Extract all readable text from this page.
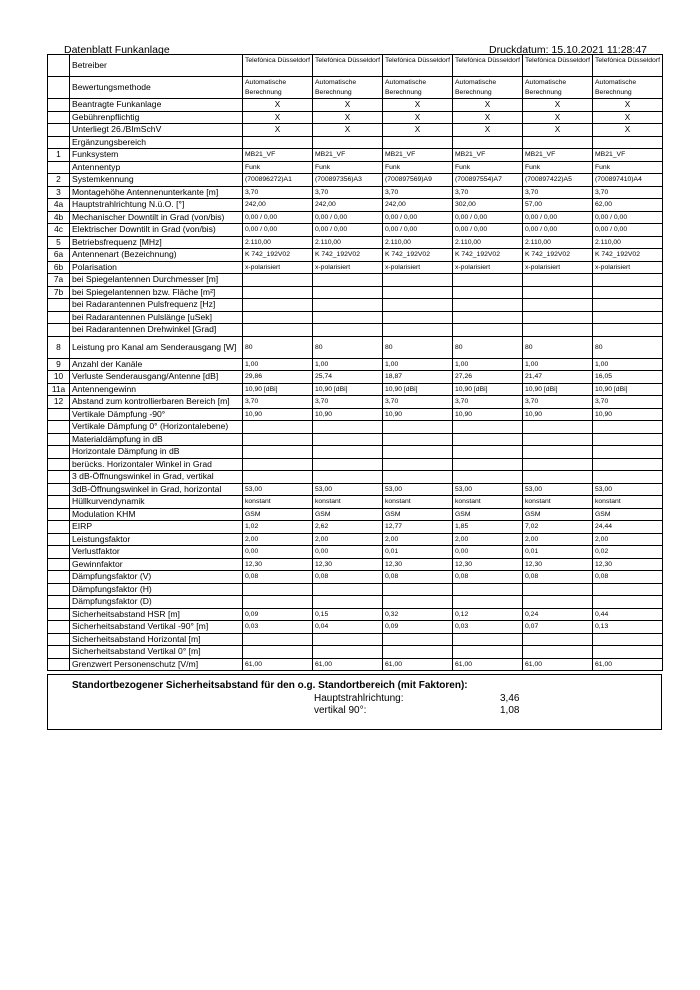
Datenblatt Funkanlage	Druckdatum: 15.10.2021 11:28:47
	Betreiber	Telefónica Düsseldorf	Telefónica Düsseldorf	Telefónica Düsseldorf	Telefónica Düsseldorf	Telefónica Düsseldorf	Telefónica Düsseldorf
	Bewertungsmethode	Automatische Berechnung	Automatische Berechnung	Automatische Berechnung	Automatische Berechnung	Automatische Berechnung	Automatische Berechnung
	Beantragte Funkanlage	X	X	X	X	X	X
	Gebührenpflichtig	X	X	X	X	X	X
	Unterliegt 26./BImSchV	X	X	X	X	X	X
	Ergänzungsbereich						
1	Funksystem	MB21_VF	MB21_VF	MB21_VF	MB21_VF	MB21_VF	MB21_VF
	Antennentyp	Funk	Funk	Funk	Funk	Funk	Funk
2	Systemkennung	(700896272)A1	(700897356)A3	(700897569)A9	(700897554)A7	(700897422)A5	(700897410)A4
3	Montagehöhe Antennenunterkante [m]	3,70	3,70	3,70	3,70	3,70	3,70
4a	Hauptstrahlrichtung N.ü.O. [°]	242,00	242,00	242,00	302,00	57,00	62,00
4b	Mechanischer Downtilt in Grad (von/bis)	0,00 / 0,00	0,00 / 0,00	0,00 / 0,00	0,00 / 0,00	0,00 / 0,00	0,00 / 0,00
4c	Elektrischer Downtilt in Grad (von/bis)	0,00 / 0,00	0,00 / 0,00	0,00 / 0,00	0,00 / 0,00	0,00 / 0,00	0,00 / 0,00
5	Betriebsfrequenz [MHz]	2.110,00	2.110,00	2.110,00	2.110,00	2.110,00	2.110,00
6a	Antennenart (Bezeichnung)	K 742_192V02	K 742_192V02	K 742_192V02	K 742_192V02	K 742_192V02	K 742_192V02
6b	Polarisation	x-polarisiert	x-polarisiert	x-polarisiert	x-polarisiert	x-polarisiert	x-polarisiert
7a	bei Spiegelantennen Durchmesser [m]						
7b	bei Spiegelantennen bzw. Fläche [m²]						
	bei Radarantennen Pulsfrequenz [Hz]						
	bei Radarantennen Pulslänge [uSek]						
	bei Radarantennen Drehwinkel [Grad]						
8	Leistung pro Kanal am Senderausgang [W]	80	80	80	80	80	80
9	Anzahl der Kanäle	1,00	1,00	1,00	1,00	1,00	1,00
10	Verluste Senderausgang/Antenne [dB]	29,86	25,74	18,87	27,26	21,47	16,05
11a	Antennengewinn	10,90 [dBi]	10,90 [dBi]	10,90 [dBi]	10,90 [dBi]	10,90 [dBi]	10,90 [dBi]
12	Abstand zum kontrollierbaren Bereich [m]	3,70	3,70	3,70	3,70	3,70	3,70
	Vertikale Dämpfung -90°	10,90	10,90	10,90	10,90	10,90	10,90
	Vertikale Dämpfung 0° (Horizontalebene)						
	Materialdämpfung in dB						
	Horizontale Dämpfung in dB						
	berücks. Horizontaler Winkel in Grad						
	3 dB-Öffnungswinkel in Grad, vertikal						
	3dB-Öffnungswinkel in Grad, horizontal	53,00	53,00	53,00	53,00	53,00	53,00
	Hüllkurvendynamik	konstant	konstant	konstant	konstant	konstant	konstant
	Modulation KHM	GSM	GSM	GSM	GSM	GSM	GSM
	EIRP	1,02	2,62	12,77	1,85	7,02	24,44
	Leistungsfaktor	2,00	2,00	2,00	2,00	2,00	2,00
	Verlustfaktor	0,00	0,00	0,01	0,00	0,01	0,02
	Gewinnfaktor	12,30	12,30	12,30	12,30	12,30	12,30
	Dämpfungsfaktor (V)	0,08	0,08	0,08	0,08	0,08	0,08
	Dämpfungsfaktor (H)						
	Dämpfungsfaktor (D)						
	Sicherheitsabstand HSR [m]	0,09	0,15	0,32	0,12	0,24	0,44
	Sicherheitsabstand Vertikal -90° [m]	0,03	0,04	0,09	0,03	0,07	0,13
	Sicherheitsabstand Horizontal [m]						
	Sicherheitsabstand Vertikal 0° [m]						
	Grenzwert Personenschutz [V/m]	61,00	61,00	61,00	61,00	61,00	61,00
Standortbezogener Sicherheitsabstand für den o.g. Standortbereich (mit Faktoren):
Hauptstrahlrichtung:	3,46
vertikal 90°:	1,08
